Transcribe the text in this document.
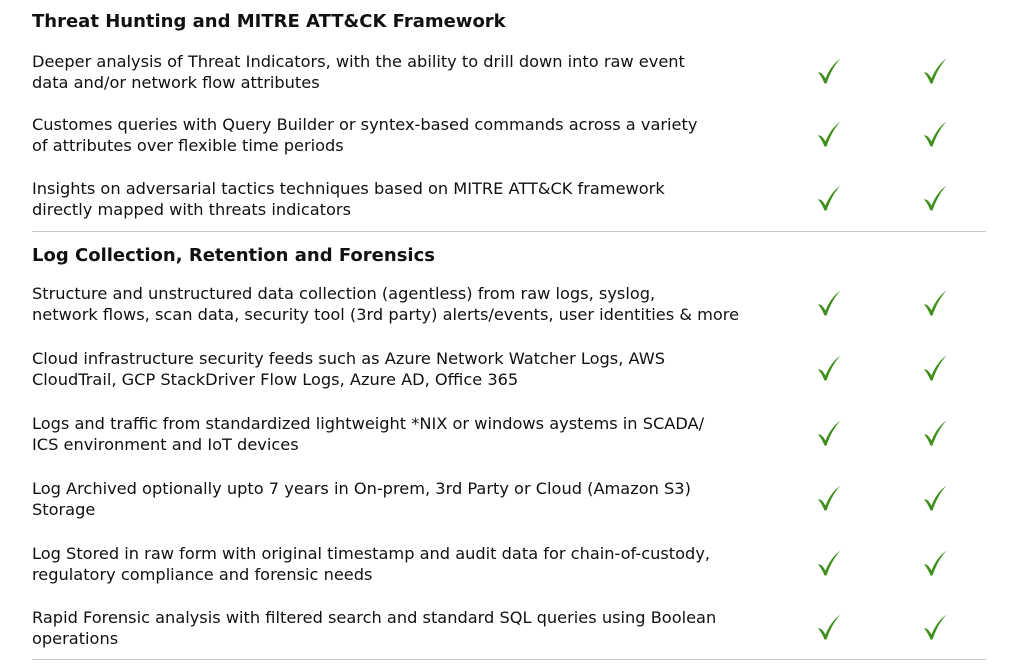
Threat Hunting and MITRE ATT&CK Framework
Deeper analysis of Threat Indicators, with the ability to drill down into raw event
data and/or network flow attributes
Customes queries with Query Builder or syntex-based commands across a variety
of attributes over flexible time periods
Insights on adversarial tactics techniques based on MITRE ATT&CK framework
directly mapped with threats indicators
Log Collection, Retention and Forensics
Structure and unstructured data collection (agentless) from raw logs, syslog,
network flows, scan data, security tool (3rd party) alerts/events, user identities & more
Cloud infrastructure security feeds such as Azure Network Watcher Logs, AWS
CloudTrail, GCP StackDriver Flow Logs, Azure AD, Office 365
Logs and traffic from standardized lightweight *NIX or windows aystems in SCADA/
ICS environment and IoT devices
Log Archived optionally upto 7 years in On-prem, 3rd Party or Cloud (Amazon S3)
Storage
Log Stored in raw form with original timestamp and audit data for chain-of-custody,
regulatory compliance and forensic needs
Rapid Forensic analysis with filtered search and standard SQL queries using Boolean
operations
